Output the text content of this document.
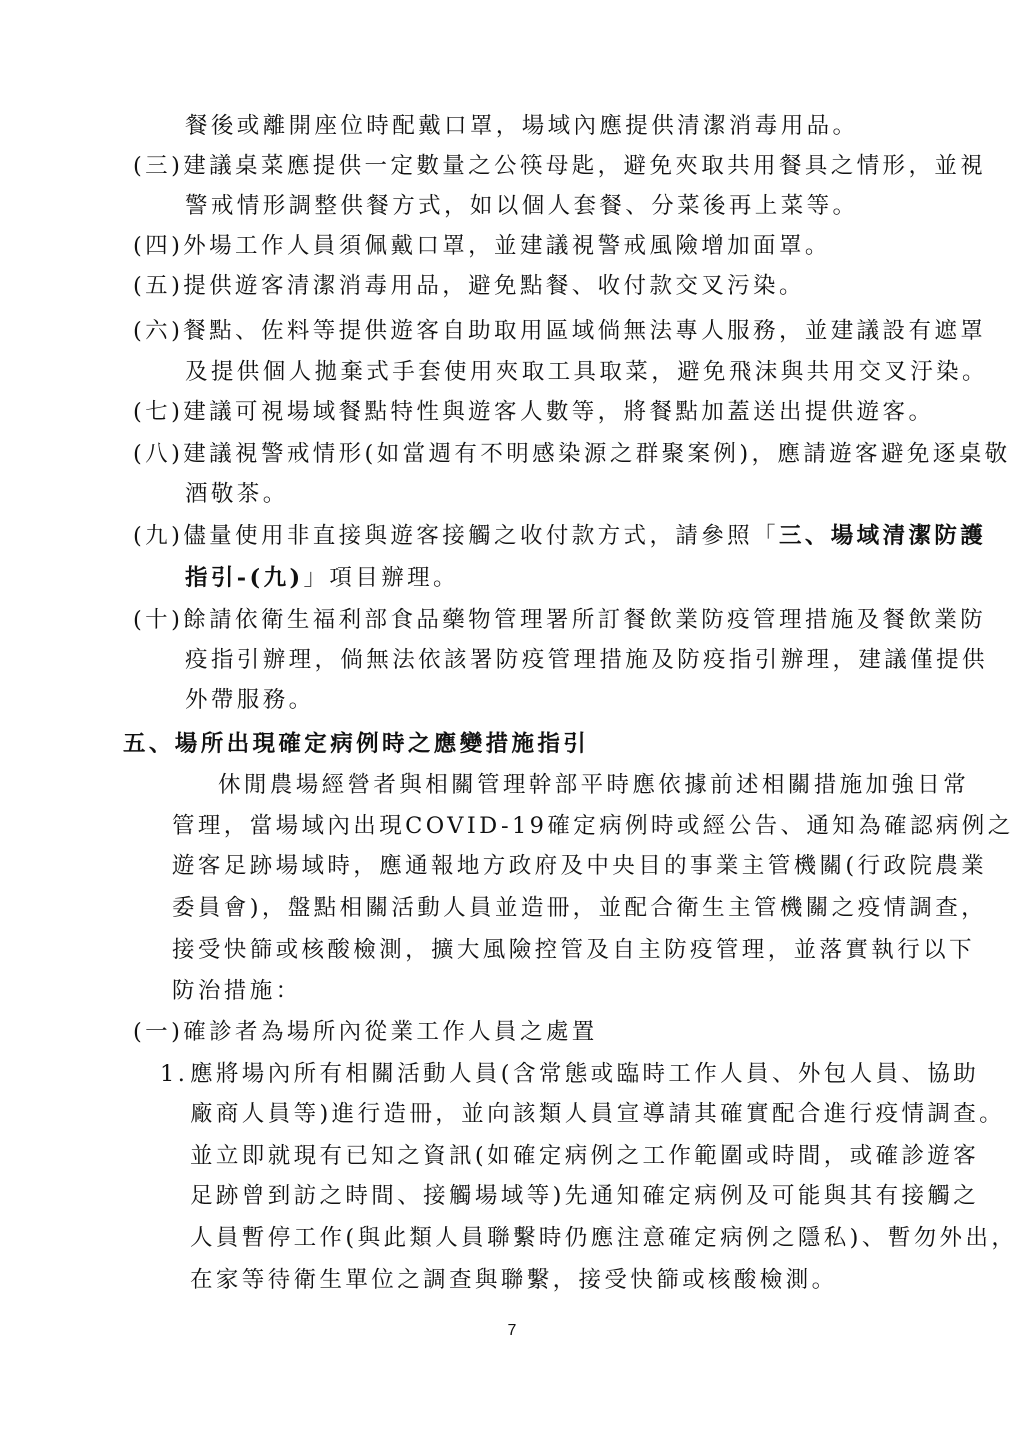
餐後或離開座位時配戴口罩，場域內應提供清潔消毒用品。
(三)建議桌菜應提供一定數量之公筷母匙，避免夾取共用餐具之情形，並視
警戒情形調整供餐方式，如以個人套餐、分菜後再上菜等。
(四)外場工作人員須佩戴口罩，並建議視警戒風險增加面罩。
(五)提供遊客清潔消毒用品，避免點餐、收付款交叉污染。
(六)餐點、佐料等提供遊客自助取用區域倘無法專人服務，並建議設有遮罩
及提供個人拋棄式手套使用夾取工具取菜，避免飛沫與共用交叉汙染。
(七)建議可視場域餐點特性與遊客人數等，將餐點加蓋送出提供遊客。
(八)建議視警戒情形(如當週有不明感染源之群聚案例)，應請遊客避免逐桌敬
酒敬茶。
(九)儘量使用非直接與遊客接觸之收付款方式，請參照「三、場域清潔防護
指引-(九)」項目辦理。
(十)餘請依衛生福利部食品藥物管理署所訂餐飲業防疫管理措施及餐飲業防
疫指引辦理，倘無法依該署防疫管理措施及防疫指引辦理，建議僅提供
外帶服務。
五、場所出現確定病例時之應變措施指引
休閒農場經營者與相關管理幹部平時應依據前述相關措施加強日常
管理，當場域內出現COVID-19確定病例時或經公告、通知為確認病例之
遊客足跡場域時，應通報地方政府及中央目的事業主管機關(行政院農業
委員會)，盤點相關活動人員並造冊，並配合衛生主管機關之疫情調查，
接受快篩或核酸檢測，擴大風險控管及自主防疫管理，並落實執行以下
防治措施：
(一)確診者為場所內從業工作人員之處置
1. 應將場內所有相關活動人員(含常態或臨時工作人員、外包人員、協助
廠商人員等)進行造冊，並向該類人員宣導請其確實配合進行疫情調查。
並立即就現有已知之資訊(如確定病例之工作範圍或時間，或確診遊客
足跡曾到訪之時間、接觸場域等)先通知確定病例及可能與其有接觸之
人員暫停工作(與此類人員聯繫時仍應注意確定病例之隱私)、暫勿外出，
在家等待衛生單位之調查與聯繫，接受快篩或核酸檢測。
7
